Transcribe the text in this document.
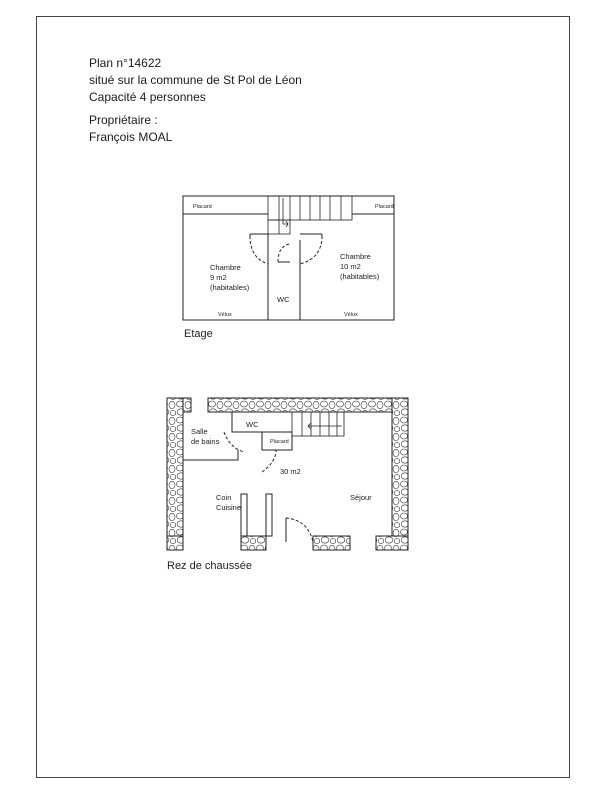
Plan n°14622
situé sur la commune de St Pol de Léon
Capacité 4 personnes
Propriétaire :
François MOAL
Placard	Placard
Chambre
9 m2
(habitables)
Chambre
10 m2
(habitables)
WC
Vélux	Vélux
Etage
Salle
de bains
WC
Placard
30 m2
Coin
Cuisine
Séjour
Rez de chaussée
